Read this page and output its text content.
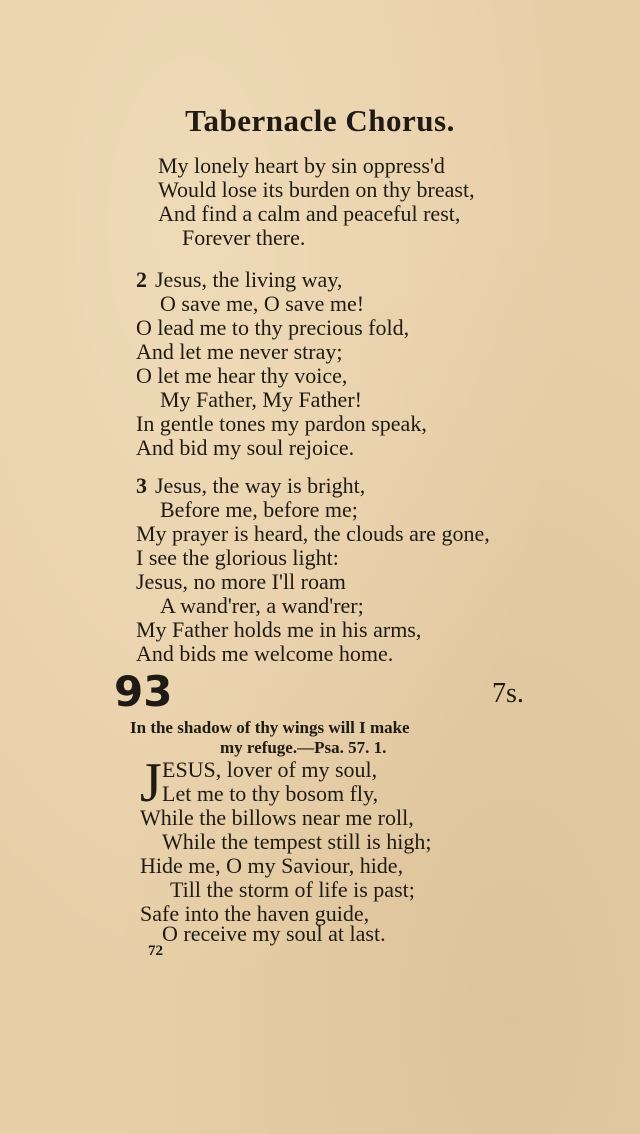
Tabernacle Chorus.
My lonely heart by sin oppress'd
Would lose its burden on thy breast,
And find a calm and peaceful rest,
Forever there.
2 Jesus, the living way,
O save me, O save me!
O lead me to thy precious fold,
And let me never stray;
O let me hear thy voice,
My Father, My Father!
In gentle tones my pardon speak,
And bid my soul rejoice.
3 Jesus, the way is bright,
Before me, before me;
My prayer is heard, the clouds are gone,
I see the glorious light:
Jesus, no more I'll roam
A wand'rer, a wand'rer;
My Father holds me in his arms,
And bids me welcome home.
93	7s.
In the shadow of thy wings will I make
my refuge.—Psa. 57. 1.
J ESUS, lover of my soul,
Let me to thy bosom fly,
While the billows near me roll,
While the tempest still is high;
Hide me, O my Saviour, hide,
Till the storm of life is past;
Safe into the haven guide,
O receive my soul at last.
72
